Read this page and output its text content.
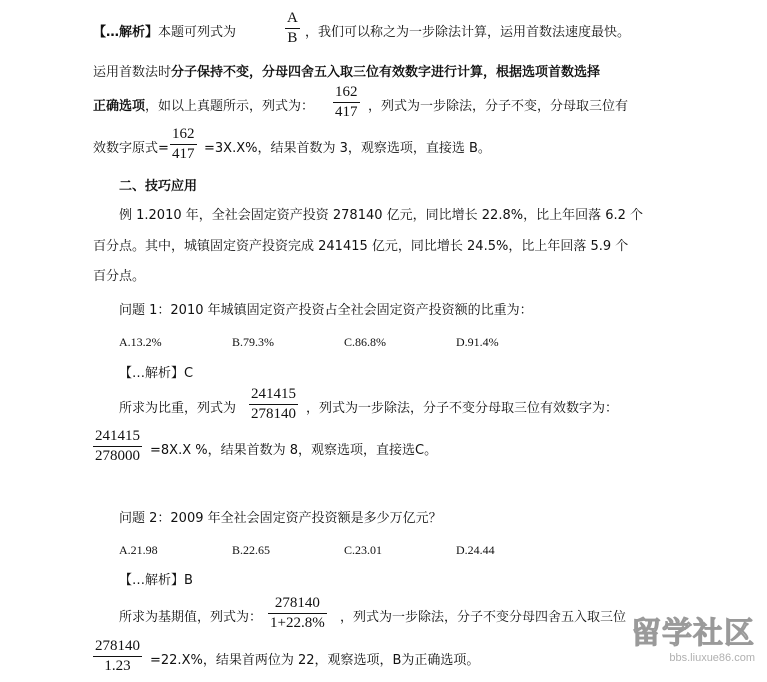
【…解析】本题可列式为
A
B ，我们可以称之为一步除法计算，运用首数法速度最快。
运用首数法时分子保持不变，分母四舍五入取三位有效数字进行计算，根据选项首数选择
正确选项，如以上真题所示，列式为：
162
417 ，列式为一步除法，分子不变，分母取三位有
效数字原式=
162
417 =3X.X%，结果首数为 3，观察选项，直接选 B。
二、技巧应用
例 1.2010 年，全社会固定资产投资 278140 亿元，同比增长 22.8%，比上年回落 6.2 个
百分点。其中，城镇固定资产投资完成 241415 亿元，同比增长 24.5%，比上年回落 5.9 个
百分点。
问题 1：2010 年城镇固定资产投资占全社会固定资产投资额的比重为：
A.13.2%	B.79.3%	C.86.8%	D.91.4%
【…解析】C
所求为比重，列式为
241415
278140 ，列式为一步除法，分子不变分母取三位有效数字为：
241415
278000 =8X.X %，结果首数为 8，观察选项，直接选C。
问题 2：2009 年全社会固定资产投资额是多少万亿元？
A.21.98	B.22.65	C.23.01	D.24.44
【…解析】B
所求为基期值，列式为：
278140
1+22.8% ，列式为一步除法，分子不变分母四舍五入取三位
278140
1.23	=22.X%，结果首两位为 22，观察选项，B为正确选项。
留学社区
bbs.liuxue86.com
